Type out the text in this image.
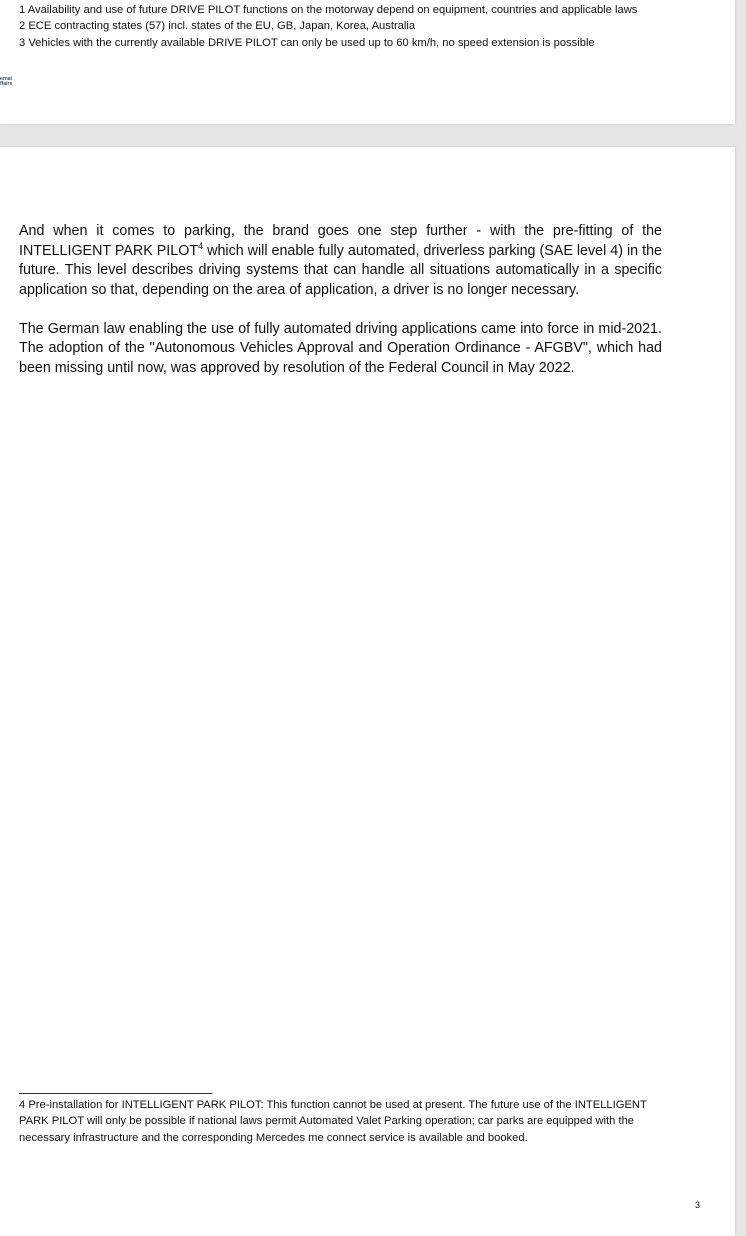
1 Availability and use of future DRIVE PILOT functions on the motorway depend on equipment, countries and applicable laws
2 ECE contracting states (57) incl. states of the EU, GB, Japan, Korea, Australia
3 Vehicles with the currently available DRIVE PILOT can only be used up to 60 km/h, no speed extension is possible
ernal
ffairs

And when it comes to parking, the brand goes one step further - with the pre-fitting of the INTELLIGENT PARK PILOT$^4$ which will enable fully automated, driverless parking (SAE level 4) in the future. This level describes driving systems that can handle all situations automatically in a specific application so that, depending on the area of application, a driver is no longer necessary.

The German law enabling the use of fully automated driving applications came into force in mid-2021. The adoption of the "Autonomous Vehicles Approval and Operation Ordinance - AFGBV", which had been missing until now, was approved by resolution of the Federal Council in May 2022.

4 Pre-installation for INTELLIGENT PARK PILOT: This function cannot be used at present. The future use of the INTELLIGENT PARK PILOT will only be possible if national laws permit Automated Valet Parking operation; car parks are equipped with the necessary infrastructure and the corresponding Mercedes me connect service is available and booked.
3
